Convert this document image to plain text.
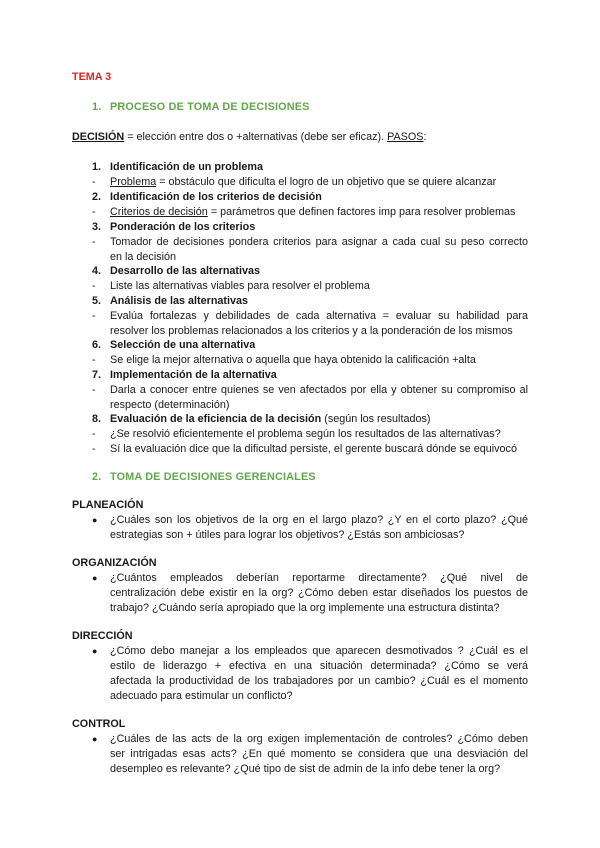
TEMA 3
1. PROCESO DE TOMA DE DECISIONES
DECISIÓN = elección entre dos o +alternativas (debe ser eficaz). PASOS:
1. Identificación de un problema
- Problema = obstáculo que dificulta el logro de un objetivo que se quiere alcanzar
2. Identificación de los criterios de decisión
- Criterios de decisión = parámetros que definen factores imp para resolver problemas
3. Ponderación de los criterios
- Tomador de decisiones pondera criterios para asignar a cada cual su peso correcto
en la decisión
4. Desarrollo de las alternativas
- Liste las alternativas viables para resolver el problema
5. Análisis de las alternativas
- Evalúa fortalezas y debilidades de cada alternativa = evaluar su habilidad para
resolver los problemas relacionados a los criterios y a la ponderación de los mismos
6. Selección de una alternativa
- Se elige la mejor alternativa o aquella que haya obtenido la calificación +alta
7. Implementación de la alternativa
- Darla a conocer entre quienes se ven afectados por ella y obtener su compromiso al
respecto (determinación)
8. Evaluación de la eficiencia de la decisión (según los resultados)
- ¿Se resolvió eficientemente el problema según los resultados de las alternativas?
- Sí la evaluación dice que la dificultad persiste, el gerente buscará dónde se equivocó
2. TOMA DE DECISIONES GERENCIALES
PLANEACIÓN
● ¿Cuáles son los objetivos de la org en el largo plazo? ¿Y en el corto plazo? ¿Qué
estrategias son + útiles para lograr los objetivos? ¿Estás son ambiciosas?
ORGANIZACIÓN
● ¿Cuántos empleados deberían reportarme directamente? ¿Qué nivel de
centralización debe existir en la org? ¿Cómo deben estar diseñados los puestos de
trabajo? ¿Cuándo sería apropiado que la org implemente una estructura distinta?
DIRECCIÓN
● ¿Cómo debo manejar a los empleados que aparecen desmotivados ? ¿Cuál es el
estilo de liderazgo + efectiva en una situación determinada? ¿Cómo se verá
afectada la productividad de los trabajadores por un cambio? ¿Cuál es el momento
adecuado para estimular un conflicto?
CONTROL
● ¿Cuáles de las acts de la org exigen implementación de controles? ¿Cómo deben
ser intrigadas esas acts? ¿En qué momento se considera que una desviación del
desempleo es relevante? ¿Qué tipo de sist de admin de la info debe tener la org?
